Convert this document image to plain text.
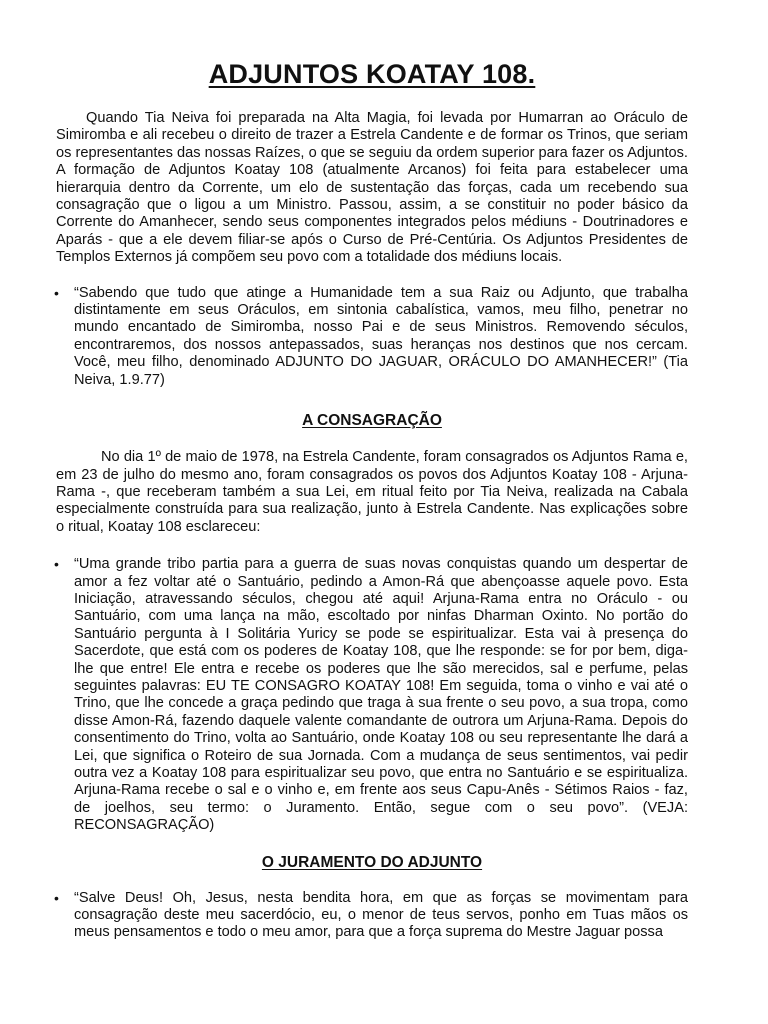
ADJUNTOS KOATAY 108.

Quando Tia Neiva foi preparada na Alta Magia, foi levada por Humarran ao Oráculo de Simiromba e ali recebeu o direito de trazer a Estrela Candente e de formar os Trinos, que seriam os representantes das nossas Raízes, o que se seguiu da ordem superior para fazer os Adjuntos. A formação de Adjuntos Koatay 108 (atualmente Arcanos) foi feita para estabelecer uma hierarquia dentro da Corrente, um elo de sustentação das forças, cada um recebendo sua consagração que o ligou a um Ministro. Passou, assim, a se constituir no poder básico da Corrente do Amanhecer, sendo seus componentes integrados pelos médiuns - Doutrinadores e Aparás - que a ele devem filiar-se após o Curso de Pré-Centúria. Os Adjuntos Presidentes de Templos Externos já compõem seu povo com a totalidade dos médiuns locais.

• “Sabendo que tudo que atinge a Humanidade tem a sua Raiz ou Adjunto, que trabalha distintamente em seus Oráculos, em sintonia cabalística, vamos, meu filho, penetrar no mundo encantado de Simiromba, nosso Pai e de seus Ministros. Removendo séculos, encontraremos, dos nossos antepassados, suas heranças nos destinos que nos cercam. Você, meu filho, denominado ADJUNTO DO JAGUAR, ORÁCULO DO AMANHECER!” (Tia Neiva, 1.9.77)
A CONSAGRAÇÃO

No dia 1º de maio de 1978, na Estrela Candente, foram consagrados os Adjuntos Rama e, em 23 de julho do mesmo ano, foram consagrados os povos dos Adjuntos Koatay 108 - Arjuna-Rama -, que receberam também a sua Lei, em ritual feito por Tia Neiva, realizada na Cabala especialmente construída para sua realização, junto à Estrela Candente. Nas explicações sobre o ritual, Koatay 108 esclareceu:

• “Uma grande tribo partia para a guerra de suas novas conquistas quando um despertar de amor a fez voltar até o Santuário, pedindo a Amon-Rá que abençoasse aquele povo. Esta Iniciação, atravessando séculos, chegou até aqui! Arjuna-Rama entra no Oráculo - ou Santuário, com uma lança na mão, escoltado por ninfas Dharman Oxinto. No portão do Santuário pergunta à I Solitária Yuricy se pode se espiritualizar. Esta vai à presença do Sacerdote, que está com os poderes de Koatay 108, que lhe responde: se for por bem, diga-lhe que entre! Ele entra e recebe os poderes que lhe são merecidos, sal e perfume, pelas seguintes palavras: EU TE CONSAGRO KOATAY 108! Em seguida, toma o vinho e vai até o Trino, que lhe concede a graça pedindo que traga à sua frente o seu povo, a sua tropa, como disse Amon-Rá, fazendo daquele valente comandante de outrora um Arjuna-Rama. Depois do consentimento do Trino, volta ao Santuário, onde Koatay 108 ou seu representante lhe dará a Lei, que significa o Roteiro de sua Jornada. Com a mudança de seus sentimentos, vai pedir outra vez a Koatay 108 para espiritualizar seu povo, que entra no Santuário e se espiritualiza. Arjuna-Rama recebe o sal e o vinho e, em frente aos seus Capu-Anês - Sétimos Raios - faz, de joelhos, seu termo: o Juramento. Então, segue com o seu povo”. (VEJA: RECONSAGRAÇÃO)
O JURAMENTO DO ADJUNTO
• “Salve Deus! Oh, Jesus, nesta bendita hora, em que as forças se movimentam para consagração deste meu sacerdócio, eu, o menor de teus servos, ponho em Tuas mãos os meus pensamentos e todo o meu amor, para que a força suprema do Mestre Jaguar possa
